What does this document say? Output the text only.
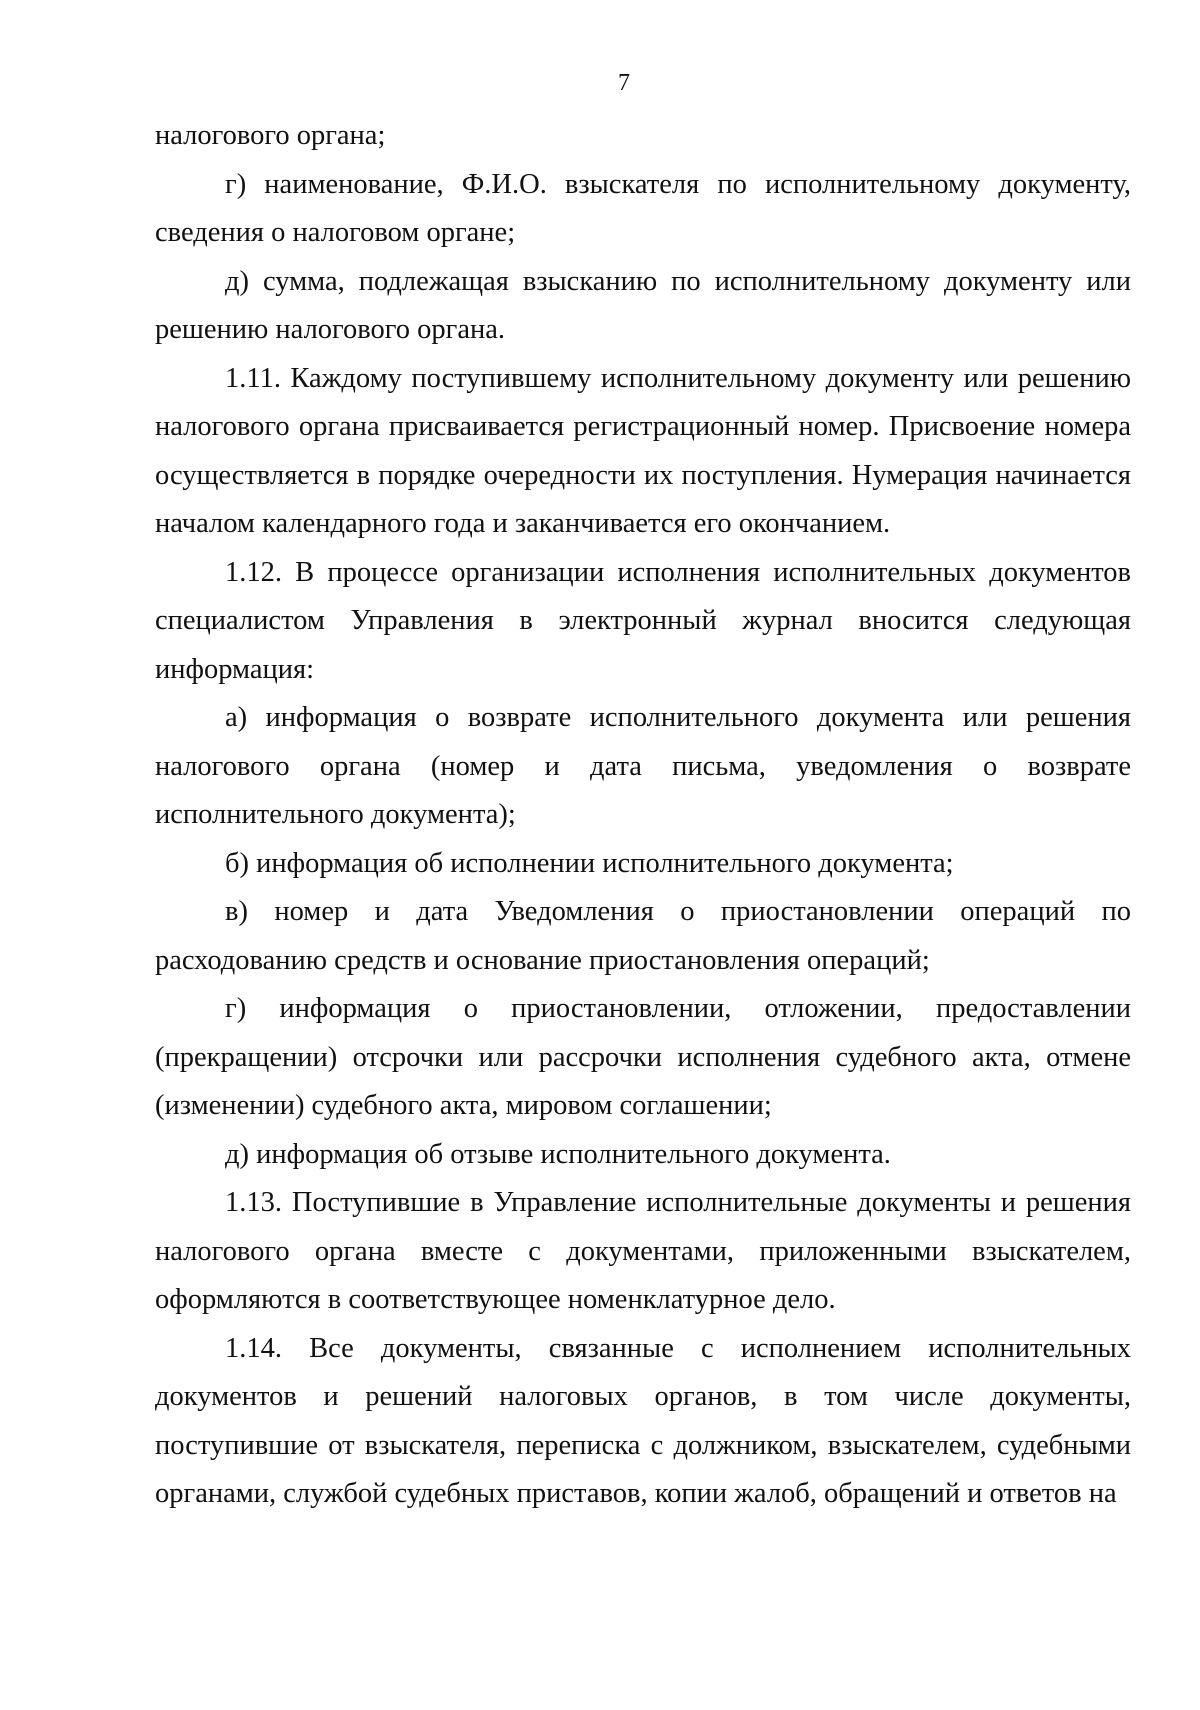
7

налогового органа;

г) наименование, Ф.И.О. взыскателя по исполнительному документу, сведения о налоговом органе;

д) сумма, подлежащая взысканию по исполнительному документу или решению налогового органа.

1.11. Каждому поступившему исполнительному документу или решению налогового органа присваивается регистрационный номер. Присвоение номера осуществляется в порядке очередности их поступления. Нумерация начинается началом календарного года и заканчивается его окончанием.

1.12. В процессе организации исполнения исполнительных документов специалистом Управления в электронный журнал вносится следующая информация:

а) информация о возврате исполнительного документа или решения налогового органа (номер и дата письма, уведомления о возврате исполнительного документа);

б) информация об исполнении исполнительного документа;

в) номер и дата Уведомления о приостановлении операций по расходованию средств и основание приостановления операций;

г) информация о приостановлении, отложении, предоставлении (прекращении) отсрочки или рассрочки исполнения судебного акта, отмене (изменении) судебного акта, мировом соглашении;

д) информация об отзыве исполнительного документа.

1.13. Поступившие в Управление исполнительные документы и решения налогового органа вместе с документами, приложенными взыскателем, оформляются в соответствующее номенклатурное дело.

1.14. Все документы, связанные с исполнением исполнительных документов и решений налоговых органов, в том числе документы, поступившие от взыскателя, переписка с должником, взыскателем, судебными органами, службой судебных приставов, копии жалоб, обращений и ответов на
